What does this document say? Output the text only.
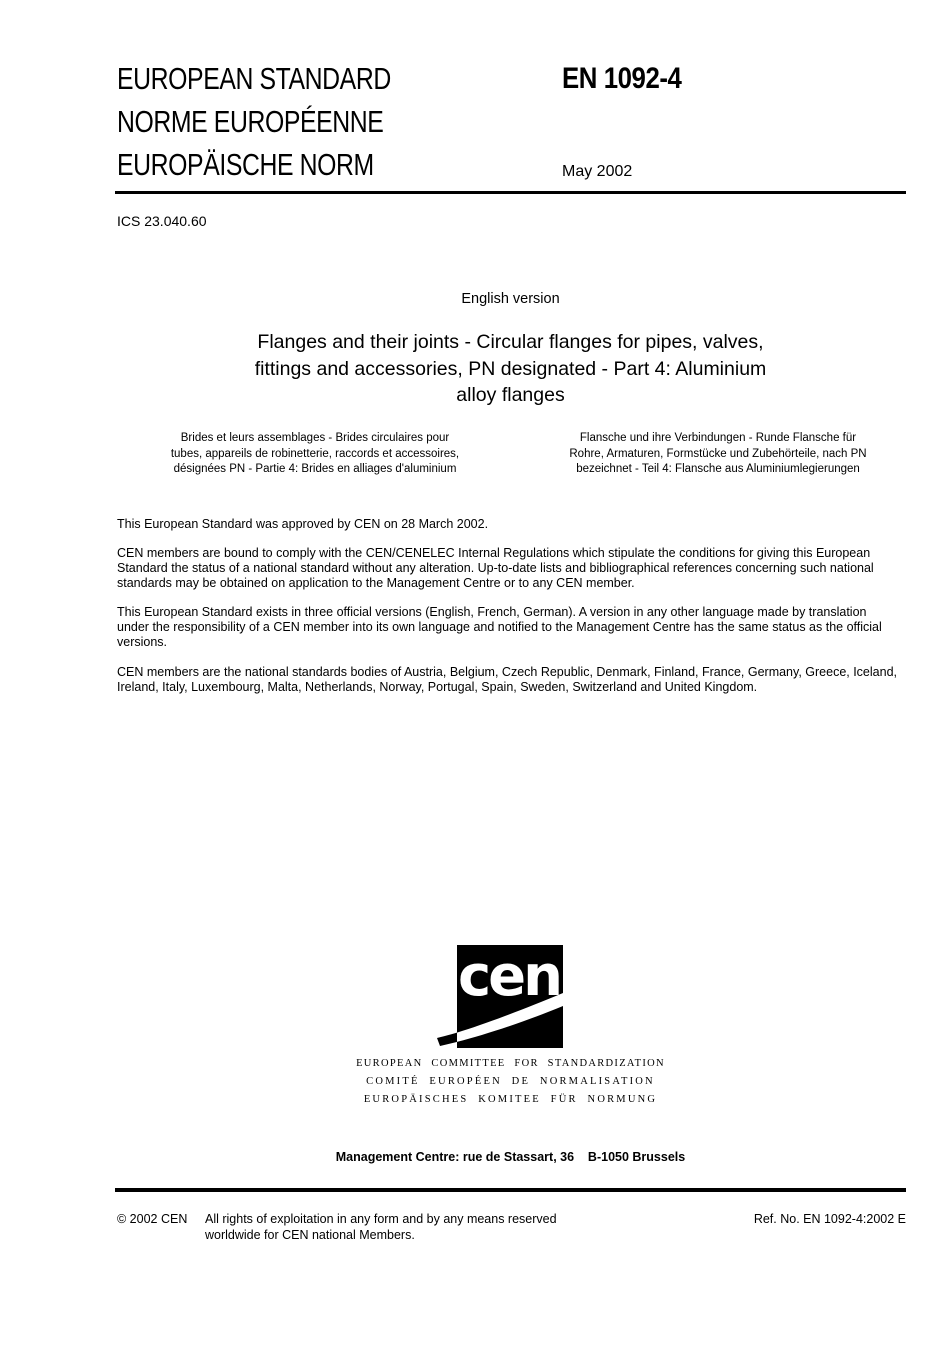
EUROPEAN STANDARD
NORME EUROPÉENNE
EUROPÄISCHE NORM
EN 1092-4
May 2002
ICS 23.040.60
English version
Flanges and their joints - Circular flanges for pipes, valves,
fittings and accessories, PN designated - Part 4: Aluminium
alloy flanges
Brides et leurs assemblages - Brides circulaires pour
tubes, appareils de robinetterie, raccords et accessoires,
désignées PN - Partie 4: Brides en alliages d'aluminium
Flansche und ihre Verbindungen - Runde Flansche für
Rohre, Armaturen, Formstücke und Zubehörteile, nach PN
bezeichnet - Teil 4: Flansche aus Aluminiumlegierungen
This European Standard was approved by CEN on 28 March 2002.
CEN members are bound to comply with the CEN/CENELEC Internal Regulations which stipulate the conditions for giving this European Standard the status of a national standard without any alteration. Up-to-date lists and bibliographical references concerning such national standards may be obtained on application to the Management Centre or to any CEN member.
This European Standard exists in three official versions (English, French, German). A version in any other language made by translation under the responsibility of a CEN member into its own language and notified to the Management Centre has the same status as the official versions.
CEN members are the national standards bodies of Austria, Belgium, Czech Republic, Denmark, Finland, France, Germany, Greece, Iceland, Ireland, Italy, Luxembourg, Malta, Netherlands, Norway, Portugal, Spain, Sweden, Switzerland and United Kingdom.
cen
EUROPEAN COMMITTEE FOR STANDARDIZATION
COMITÉ EUROPÉEN DE NORMALISATION
EUROPÄISCHES KOMITEE FÜR NORMUNG
Management Centre: rue de Stassart, 36    B-1050 Brussels
© 2002 CEN All rights of exploitation in any form and by any means reserved
worldwide for CEN national Members.
Ref. No. EN 1092-4:2002 E
